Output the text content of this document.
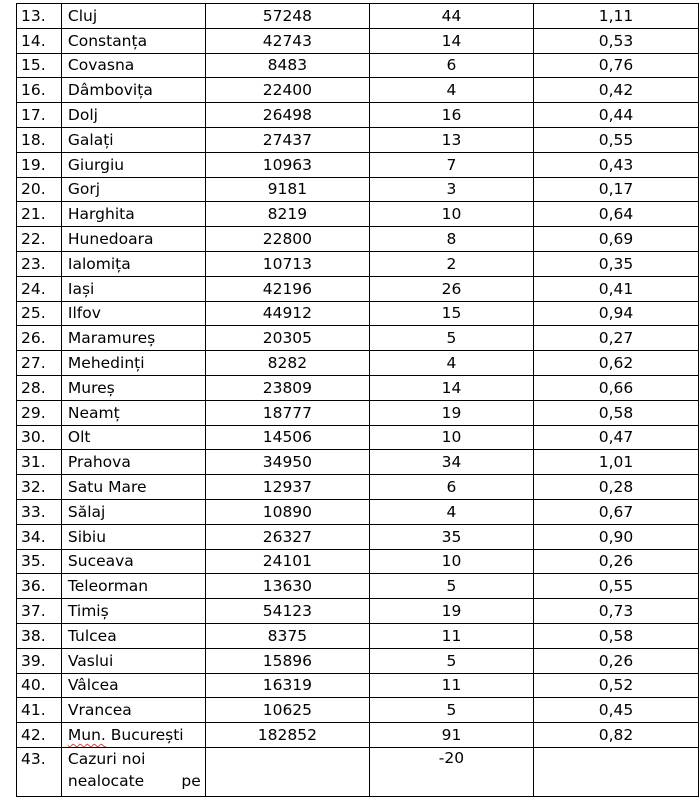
13.	Cluj	57248	44	1,11
14.	Constanța	42743	14	0,53
15.	Covasna	8483	6	0,76
16.	Dâmbovița	22400	4	0,42
17.	Dolj	26498	16	0,44
18.	Galați	27437	13	0,55
19.	Giurgiu	10963	7	0,43
20.	Gorj	9181	3	0,17
21.	Harghita	8219	10	0,64
22.	Hunedoara	22800	8	0,69
23.	Ialomița	10713	2	0,35
24.	Iași	42196	26	0,41
25.	Ilfov	44912	15	0,94
26.	Maramureș	20305	5	0,27
27.	Mehedinți	8282	4	0,62
28.	Mureș	23809	14	0,66
29.	Neamț	18777	19	0,58
30.	Olt	14506	10	0,47
31.	Prahova	34950	34	1,01
32.	Satu Mare	12937	6	0,28
33.	Sălaj	10890	4	0,67
34.	Sibiu	26327	35	0,90
35.	Suceava	24101	10	0,26
36.	Teleorman	13630	5	0,55
37.	Timiș	54123	19	0,73
38.	Tulcea	8375	11	0,58
39.	Vaslui	15896	5	0,26
40.	Vâlcea	16319	11	0,52
41.	Vrancea	10625	5	0,45
42.	Mun. București	182852	91	0,82
43.	Cazuri noi nealocate pe		-20	
